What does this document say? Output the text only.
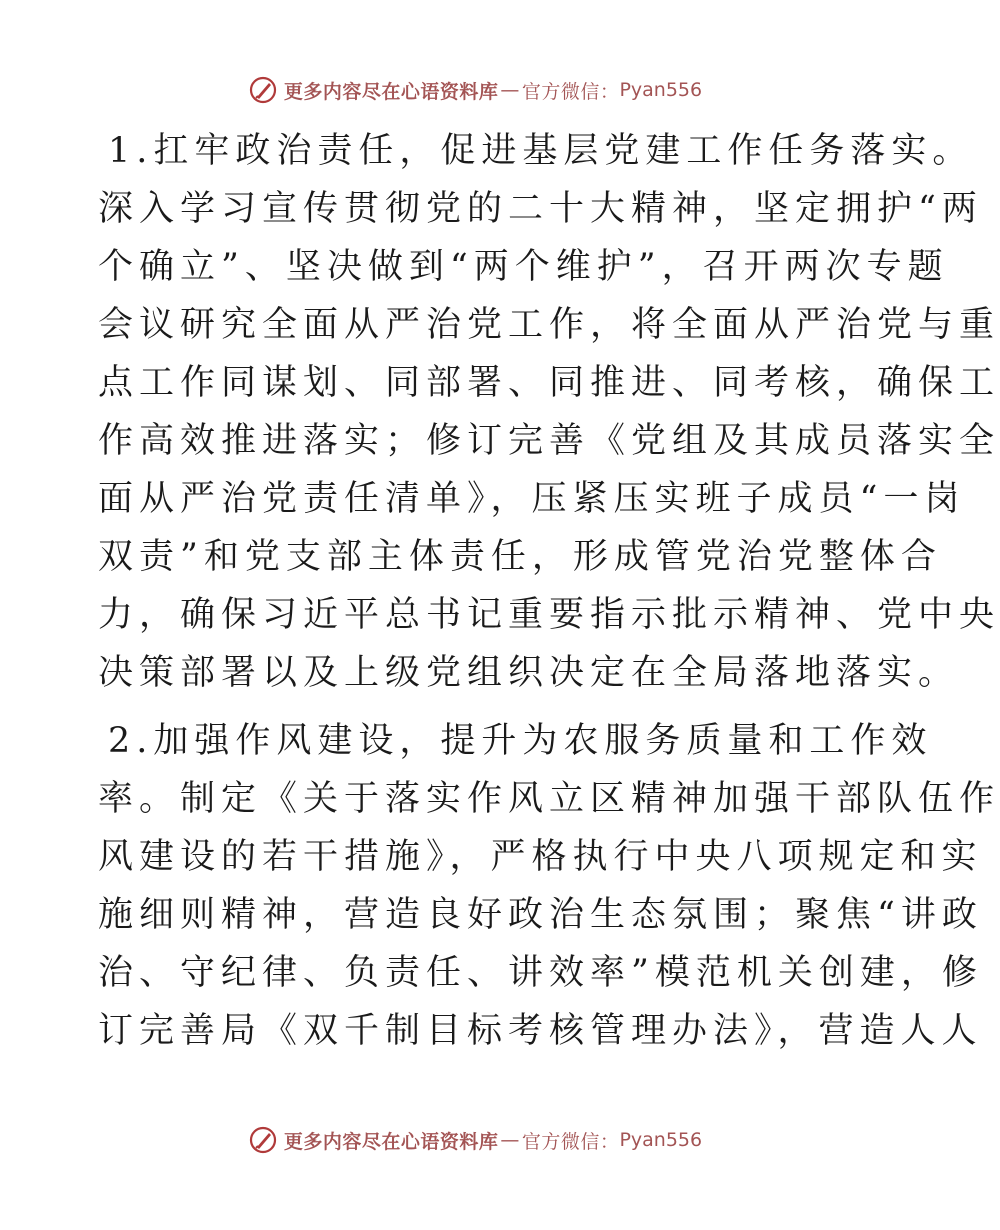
更多内容尽在心语资料库 — 官方微信： Pyan556
1.扛牢政治责任，促进基层党建工作任务落实。
深入学习宣传贯彻党的二十大精神，坚定拥护“两
个确立”、坚决做到“两个维护”，召开两次专题
会议研究全面从严治党工作，将全面从严治党与重
点工作同谋划、同部署、同推进、同考核，确保工
作高效推进落实；修订完善《党组及其成员落实全
面从严治党责任清单》，压紧压实班子成员“一岗
双责”和党支部主体责任，形成管党治党整体合
力，确保习近平总书记重要指示批示精神、党中央
决策部署以及上级党组织决定在全局落地落实。
2.加强作风建设，提升为农服务质量和工作效
率。制定《关于落实作风立区精神加强干部队伍作
风建设的若干措施》，严格执行中央八项规定和实
施细则精神，营造良好政治生态氛围；聚焦“讲政
治、守纪律、负责任、讲效率”模范机关创建，修
订完善局《双千制目标考核管理办法》，营造人人
更多内容尽在心语资料库 — 官方微信： Pyan556
